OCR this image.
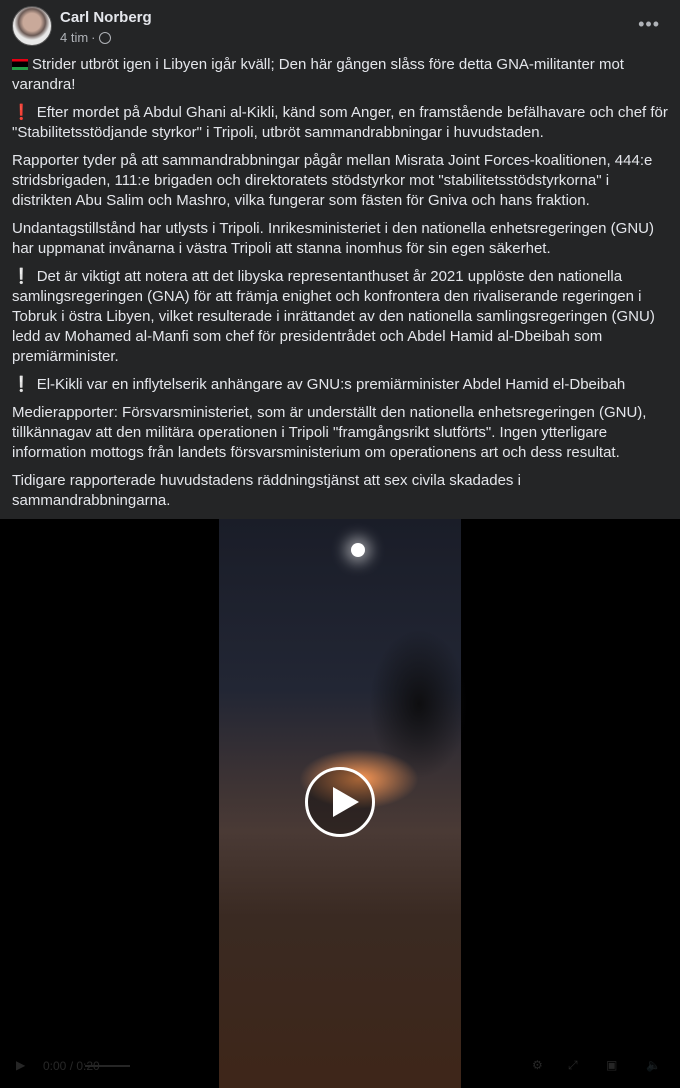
Carl Norberg
4 tim ·
•••

Strider utbröt igen i Libyen igår kväll; Den här gången slåss före detta GNA-militanter mot varandra!

❗ Efter mordet på Abdul Ghani al-Kikli, känd som Anger, en framstående befälhavare och chef för "Stabilitetsstödjande styrkor" i Tripoli, utbröt sammandrabbningar i huvudstaden.

Rapporter tyder på att sammandrabbningar pågår mellan Misrata Joint Forces-koalitionen, 444:e stridsbrigaden, 111:e brigaden och direktoratets stödstyrkor mot "stabilitetsstödstyrkorna" i distrikten Abu Salim och Mashro, vilka fungerar som fästen för Gniva och hans fraktion.

Undantagstillstånd har utlysts i Tripoli. Inrikesministeriet i den nationella enhetsregeringen (GNU) har uppmanat invånarna i västra Tripoli att stanna inomhus för sin egen säkerhet.

❕ Det är viktigt att notera att det libyska representanthuset år 2021 upplöste den nationella samlingsregeringen (GNA) för att främja enighet och konfrontera den rivaliserande regeringen i Tobruk i östra Libyen, vilket resulterade i inrättandet av den nationella samlingsregeringen (GNU) ledd av Mohamed al-Manfi som chef för presidentrådet och Abdel Hamid al-Dbeibah som premiärminister.

❕ El-Kikli var en inflytelserik anhängare av GNU:s premiärminister Abdel Hamid el-Dbeibah

Medierapporter: Försvarsministeriet, som är underställt den nationella enhetsregeringen (GNU), tillkännagav att den militära operationen i Tripoli "framgångsrikt slutförts". Ingen ytterligare information mottogs från landets försvarsministerium om operationens art och dess resultat.

Tidigare rapporterade huvudstadens räddningstjänst att sex civila skadades i sammandrabbningarna.

▶ 0:00 / 0:20	⚙ ⤢ ▣ 🔈
